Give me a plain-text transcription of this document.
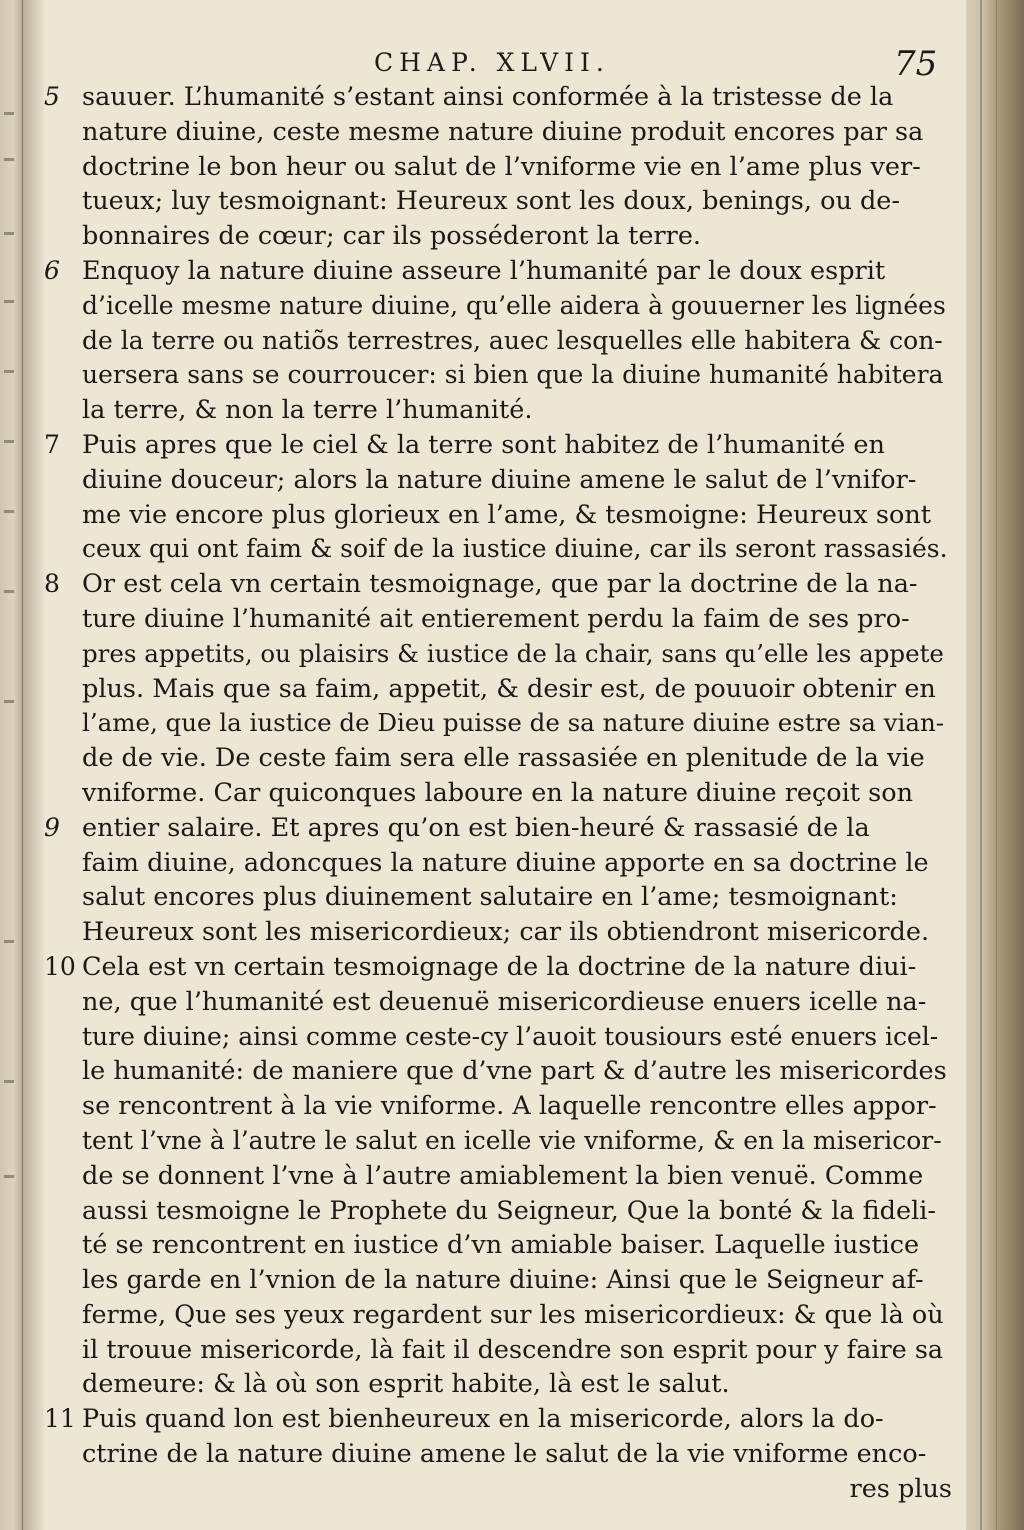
CHAP. XLVII.	75
5 sauuer. L’humanité s’estant ainsi conformée à la tristesse de la
nature diuine, ceste mesme nature diuine produit encores par sa
doctrine le bon heur ou salut de l’vniforme vie en l’ame plus ver-
tueux; luy tesmoignant: Heureux sont les doux, benings, ou de-
bonnaires de cœur; car ils posséderont la terre.
6 Enquoy la nature diuine asseure l’humanité par le doux esprit
d’icelle mesme nature diuine, qu’elle aidera à gouuerner les lignées
de la terre ou natiõs terrestres, auec lesquelles elle habitera & con-
uersera sans se courroucer: si bien que la diuine humanité habitera
la terre, & non la terre l’humanité.
7 Puis apres que le ciel & la terre sont habitez de l’humanité en
diuine douceur; alors la nature diuine amene le salut de l’vnifor-
me vie encore plus glorieux en l’ame, & tesmoigne: Heureux sont
ceux qui ont faim & soif de la iustice diuine, car ils seront rassasiés.
8 Or est cela vn certain tesmoignage, que par la doctrine de la na-
ture diuine l’humanité ait entierement perdu la faim de ses pro-
pres appetits, ou plaisirs & iustice de la chair, sans qu’elle les appete
plus. Mais que sa faim, appetit, & desir est, de pouuoir obtenir en
l’ame, que la iustice de Dieu puisse de sa nature diuine estre sa vian-
de de vie. De ceste faim sera elle rassasiée en plenitude de la vie
vniforme. Car quiconques laboure en la nature diuine reçoit son
9 entier salaire. Et apres qu’on est bien-heuré & rassasié de la
faim diuine, adoncques la nature diuine apporte en sa doctrine le
salut encores plus diuinement salutaire en l’ame; tesmoignant:
Heureux sont les misericordieux; car ils obtiendront misericorde.
10 Cela est vn certain tesmoignage de la doctrine de la nature diui-
ne, que l’humanité est deuenuë misericordieuse enuers icelle na-
ture diuine; ainsi comme ceste-cy l’auoit tousiours esté enuers icel-
le humanité: de maniere que d’vne part & d’autre les misericordes
se rencontrent à la vie vniforme. A laquelle rencontre elles appor-
tent l’vne à l’autre le salut en icelle vie vniforme, & en la misericor-
de se donnent l’vne à l’autre amiablement la bien venuë. Comme
aussi tesmoigne le Prophete du Seigneur, Que la bonté & la fideli-
té se rencontrent en iustice d’vn amiable baiser. Laquelle iustice
les garde en l’vnion de la nature diuine: Ainsi que le Seigneur af-
ferme, Que ses yeux regardent sur les misericordieux: & que là où
il trouue misericorde, là fait il descendre son esprit pour y faire sa
demeure: & là où son esprit habite, là est le salut.
11 Puis quand lon est bienheureux en la misericorde, alors la do-
ctrine de la nature diuine amene le salut de la vie vniforme enco-
res plus
